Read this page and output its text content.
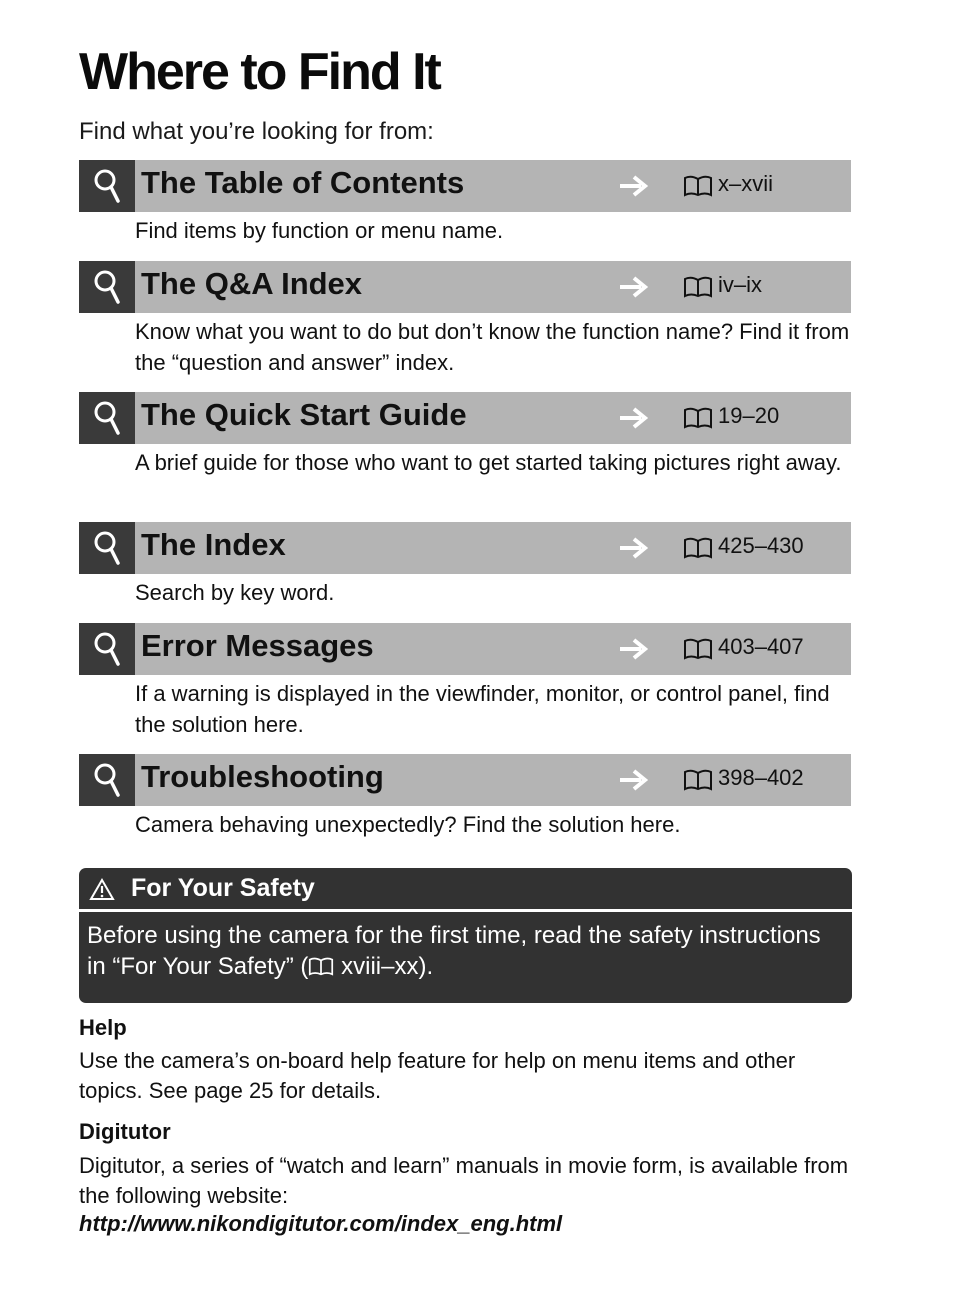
Where to Find It
Find what you’re looking for from:
The Table of Contents	x–xvii
Find items by function or menu name.
The Q&A Index	iv–ix
Know what you want to do but don’t know the function name? Find it from the “question and answer” index.
The Quick Start Guide	19–20
A brief guide for those who want to get started taking pictures right away.
The Index	425–430
Search by key word.
Error Messages	403–407
If a warning is displayed in the viewfinder, monitor, or control panel, find the solution here.
Troubleshooting	398–402
Camera behaving unexpectedly? Find the solution here.
For Your Safety
Before using the camera for the first time, read the safety instructions in “For Your Safety” ( xviii–xx).
Help
Use the camera’s on-board help feature for help on menu items and other topics. See page 25 for details.
Digitutor
Digitutor, a series of “watch and learn” manuals in movie form, is available from the following website:
http://www.nikondigitutor.com/index_eng.html
